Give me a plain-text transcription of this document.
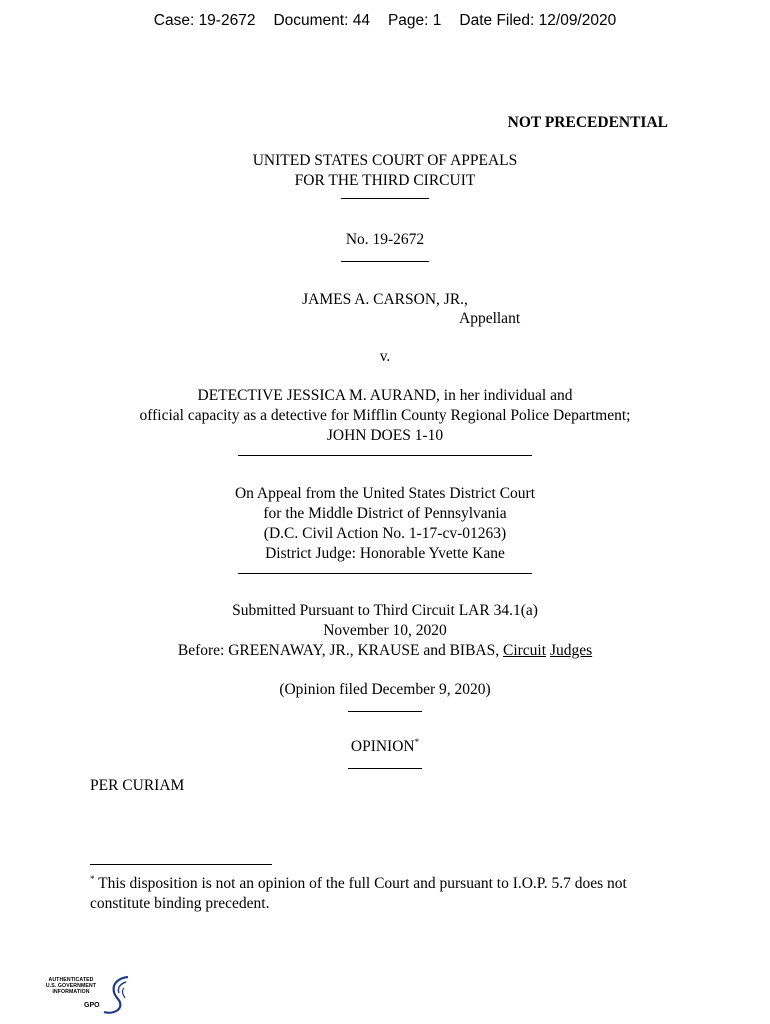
Case: 19-2672 Document: 44 Page: 1 Date Filed: 12/09/2020
NOT PRECEDENTIAL
UNITED STATES COURT OF APPEALS
FOR THE THIRD CIRCUIT
No. 19-2672
JAMES A. CARSON, JR.,
Appellant
v.
DETECTIVE JESSICA M. AURAND, in her individual and
official capacity as a detective for Mifflin County Regional Police Department;
JOHN DOES 1-10
On Appeal from the United States District Court
for the Middle District of Pennsylvania
(D.C. Civil Action No. 1-17-cv-01263)
District Judge: Honorable Yvette Kane
Submitted Pursuant to Third Circuit LAR 34.1(a)
November 10, 2020
Before: GREENAWAY, JR., KRAUSE and BIBAS, Circuit Judges
(Opinion filed December 9, 2020)
OPINION*
PER CURIAM
* This disposition is not an opinion of the full Court and pursuant to I.O.P. 5.7 does not constitute binding precedent.
AUTHENTICATED
U.S. GOVERNMENT
INFORMATION
GPO
